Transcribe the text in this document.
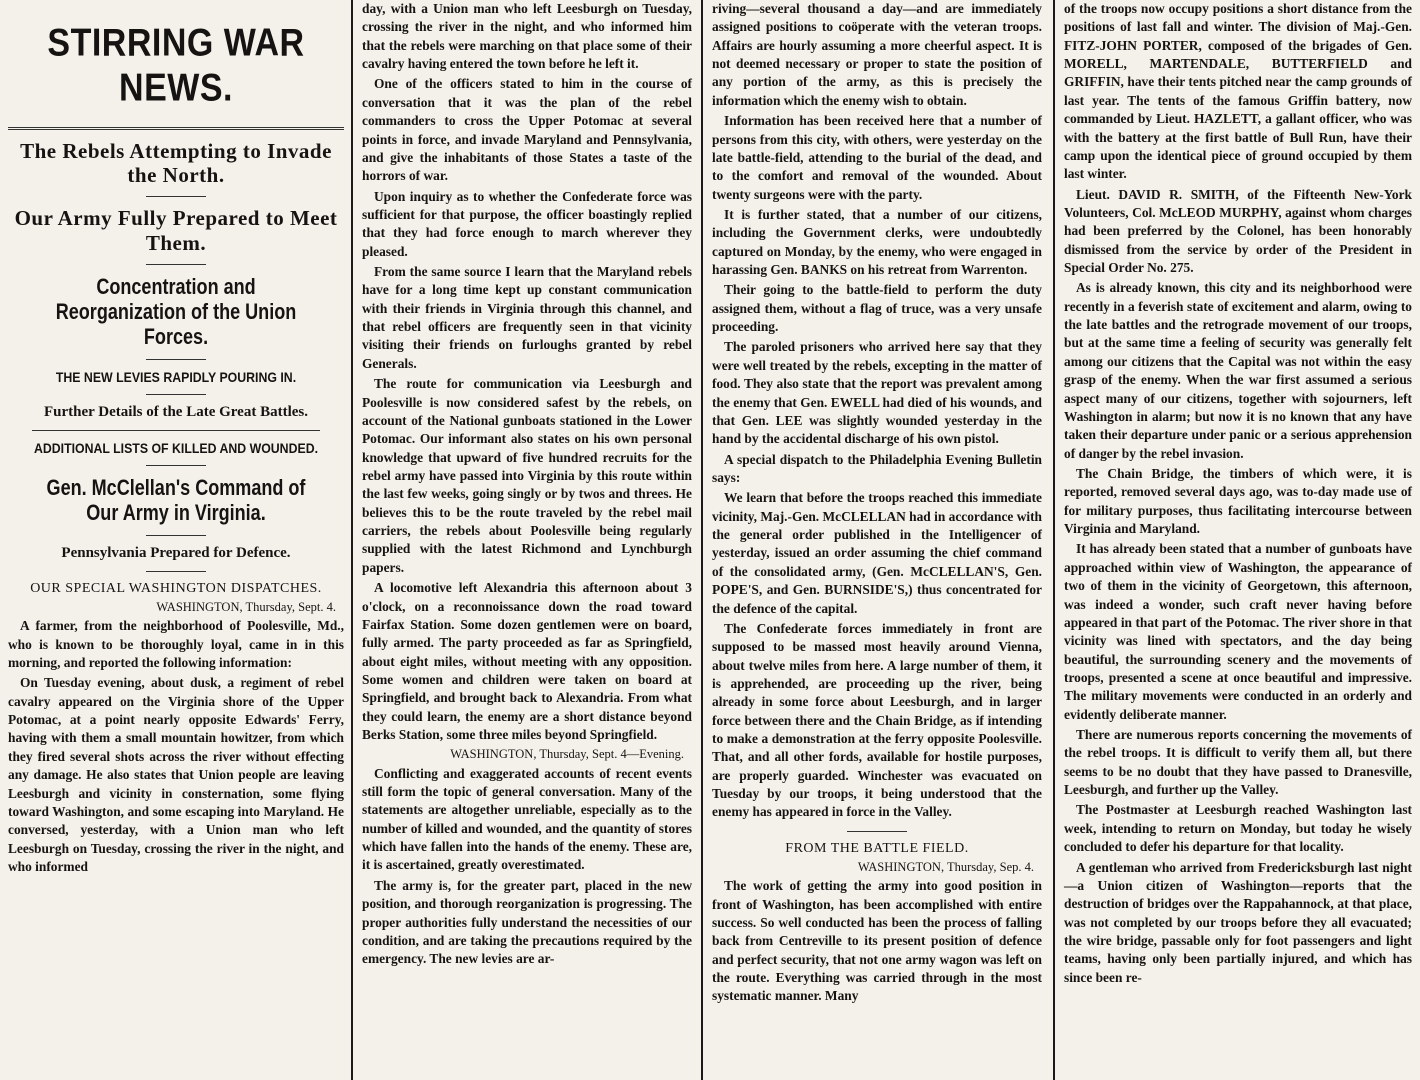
STIRRING WAR NEWS.
The Rebels Attempting to Invade the North.
Our Army Fully Prepared to Meet Them.
Concentration and Reorganization of the Union Forces.
THE NEW LEVIES RAPIDLY POURING IN.
Further Details of the Late Great Battles.
ADDITIONAL LISTS OF KILLED AND WOUNDED.
Gen. McClellan's Command of Our Army in Virginia.
Pennsylvania Prepared for Defence.
OUR SPECIAL WASHINGTON DISPATCHES.
WASHINGTON, Thursday, Sept. 4.

A farmer, from the neighborhood of Poolesville, Md., who is known to be thoroughly loyal, came in in this morning, and reported the following information:

On Tuesday evening, about dusk, a regiment of rebel cavalry appeared on the Virginia shore of the Upper Potomac, at a point nearly opposite Edwards' Ferry, having with them a small mountain howitzer, from which they fired several shots across the river without effecting any damage. He also states that Union people are leaving Leesburgh and vicinity in consternation, some flying toward Washington, and some escaping into Maryland. He conversed, yesterday, with a Union man who left Leesburgh on Tuesday, crossing the river in the night, and who informed

day, with a Union man who left Leesburgh on Tuesday, crossing the river in the night, and who informed him that the rebels were marching on that place some of their cavalry having entered the town before he left it.

One of the officers stated to him in the course of conversation that it was the plan of the rebel commanders to cross the Upper Potomac at several points in force, and invade Maryland and Pennsylvania, and give the inhabitants of those States a taste of the horrors of war.

Upon inquiry as to whether the Confederate force was sufficient for that purpose, the officer boastingly replied that they had force enough to march wherever they pleased.

From the same source I learn that the Maryland rebels have for a long time kept up constant communication with their friends in Virginia through this channel, and that rebel officers are frequently seen in that vicinity visiting their friends on furloughs granted by rebel Generals.

The route for communication via Leesburgh and Poolesville is now considered safest by the rebels, on account of the National gunboats stationed in the Lower Potomac. Our informant also states on his own personal knowledge that upward of five hundred recruits for the rebel army have passed into Virginia by this route within the last few weeks, going singly or by twos and threes. He believes this to be the route traveled by the rebel mail carriers, the rebels about Poolesville being regularly supplied with the latest Richmond and Lynchburgh papers.

A locomotive left Alexandria this afternoon about 3 o'clock, on a reconnoissance down the road toward Fairfax Station. Some dozen gentlemen were on board, fully armed. The party proceeded as far as Springfield, about eight miles, without meeting with any opposition. Some women and children were taken on board at Springfield, and brought back to Alexandria. From what they could learn, the enemy are a short distance beyond Berks Station, some three miles beyond Springfield.

WASHINGTON, Thursday, Sept. 4—Evening.

Conflicting and exaggerated accounts of recent events still form the topic of general conversation. Many of the statements are altogether unreliable, especially as to the number of killed and wounded, and the quantity of stores which have fallen into the hands of the enemy. These are, it is ascertained, greatly overestimated.

The army is, for the greater part, placed in the new position, and thorough reorganization is progressing. The proper authorities fully understand the necessities of our condition, and are taking the precautions required by the emergency. The new levies are ar-

riving—several thousand a day—and are immediately assigned positions to coöperate with the veteran troops. Affairs are hourly assuming a more cheerful aspect. It is not deemed necessary or proper to state the position of any portion of the army, as this is precisely the information which the enemy wish to obtain.

Information has been received here that a number of persons from this city, with others, were yesterday on the late battle-field, attending to the burial of the dead, and to the comfort and removal of the wounded. About twenty surgeons were with the party.

It is further stated, that a number of our citizens, including the Government clerks, were undoubtedly captured on Monday, by the enemy, who were engaged in harassing Gen. BANKS on his retreat from Warrenton.

Their going to the battle-field to perform the duty assigned them, without a flag of truce, was a very unsafe proceeding.

The paroled prisoners who arrived here say that they were well treated by the rebels, excepting in the matter of food. They also state that the report was prevalent among the enemy that Gen. EWELL had died of his wounds, and that Gen. LEE was slightly wounded yesterday in the hand by the accidental discharge of his own pistol.

A special dispatch to the Philadelphia Evening Bulletin says:

We learn that before the troops reached this immediate vicinity, Maj.-Gen. McCLELLAN had in accordance with the general order published in the Intelligencer of yesterday, issued an order assuming the chief command of the consolidated army, (Gen. McCLELLAN'S, Gen. POPE'S, and Gen. BURNSIDE'S,) thus concentrated for the defence of the capital.

The Confederate forces immediately in front are supposed to be massed most heavily around Vienna, about twelve miles from here. A large number of them, it is apprehended, are proceeding up the river, being already in some force about Leesburgh, and in larger force between there and the Chain Bridge, as if intending to make a demonstration at the ferry opposite Poolesville. That, and all other fords, available for hostile purposes, are properly guarded. Winchester was evacuated on Tuesday by our troops, it being understood that the enemy has appeared in force in the Valley.

FROM THE BATTLE FIELD.
WASHINGTON, Thursday, Sep. 4.

The work of getting the army into good position in front of Washington, has been accomplished with entire success. So well conducted has been the process of falling back from Centreville to its present position of defence and perfect security, that not one army wagon was left on the route. Everything was carried through in the most systematic manner. Many

of the troops now occupy positions a short distance from the positions of last fall and winter. The division of Maj.-Gen. FITZ-JOHN PORTER, composed of the brigades of Gen. MORELL, MARTENDALE, BUTTERFIELD and GRIFFIN, have their tents pitched near the camp grounds of last year. The tents of the famous Griffin battery, now commanded by Lieut. HAZLETT, a gallant officer, who was with the battery at the first battle of Bull Run, have their camp upon the identical piece of ground occupied by them last winter.

Lieut. DAVID R. SMITH, of the Fifteenth New-York Volunteers, Col. McLEOD MURPHY, against whom charges had been preferred by the Colonel, has been honorably dismissed from the service by order of the President in Special Order No. 275.

As is already known, this city and its neighborhood were recently in a feverish state of excitement and alarm, owing to the late battles and the retrograde movement of our troops, but at the same time a feeling of security was generally felt among our citizens that the Capital was not within the easy grasp of the enemy. When the war first assumed a serious aspect many of our citizens, together with sojourners, left Washington in alarm; but now it is no known that any have taken their departure under panic or a serious apprehension of danger by the rebel invasion.

The Chain Bridge, the timbers of which were, it is reported, removed several days ago, was to-day made use of for military purposes, thus facilitating intercourse between Virginia and Maryland.

It has already been stated that a number of gunboats have approached within view of Washington, the appearance of two of them in the vicinity of Georgetown, this afternoon, was indeed a wonder, such craft never having before appeared in that part of the Potomac. The river shore in that vicinity was lined with spectators, and the day being beautiful, the surrounding scenery and the movements of troops, presented a scene at once beautiful and impressive. The military movements were conducted in an orderly and evidently deliberate manner.

There are numerous reports concerning the movements of the rebel troops. It is difficult to verify them all, but there seems to be no doubt that they have passed to Dranesville, Leesburgh, and further up the Valley.

The Postmaster at Leesburgh reached Washington last week, intending to return on Monday, but today he wisely concluded to defer his departure for that locality.

A gentleman who arrived from Fredericksburgh last night—a Union citizen of Washington—reports that the destruction of bridges over the Rappahannock, at that place, was not completed by our troops before they all evacuated; the wire bridge, passable only for foot passengers and light teams, having only been partially injured, and which has since been re-
